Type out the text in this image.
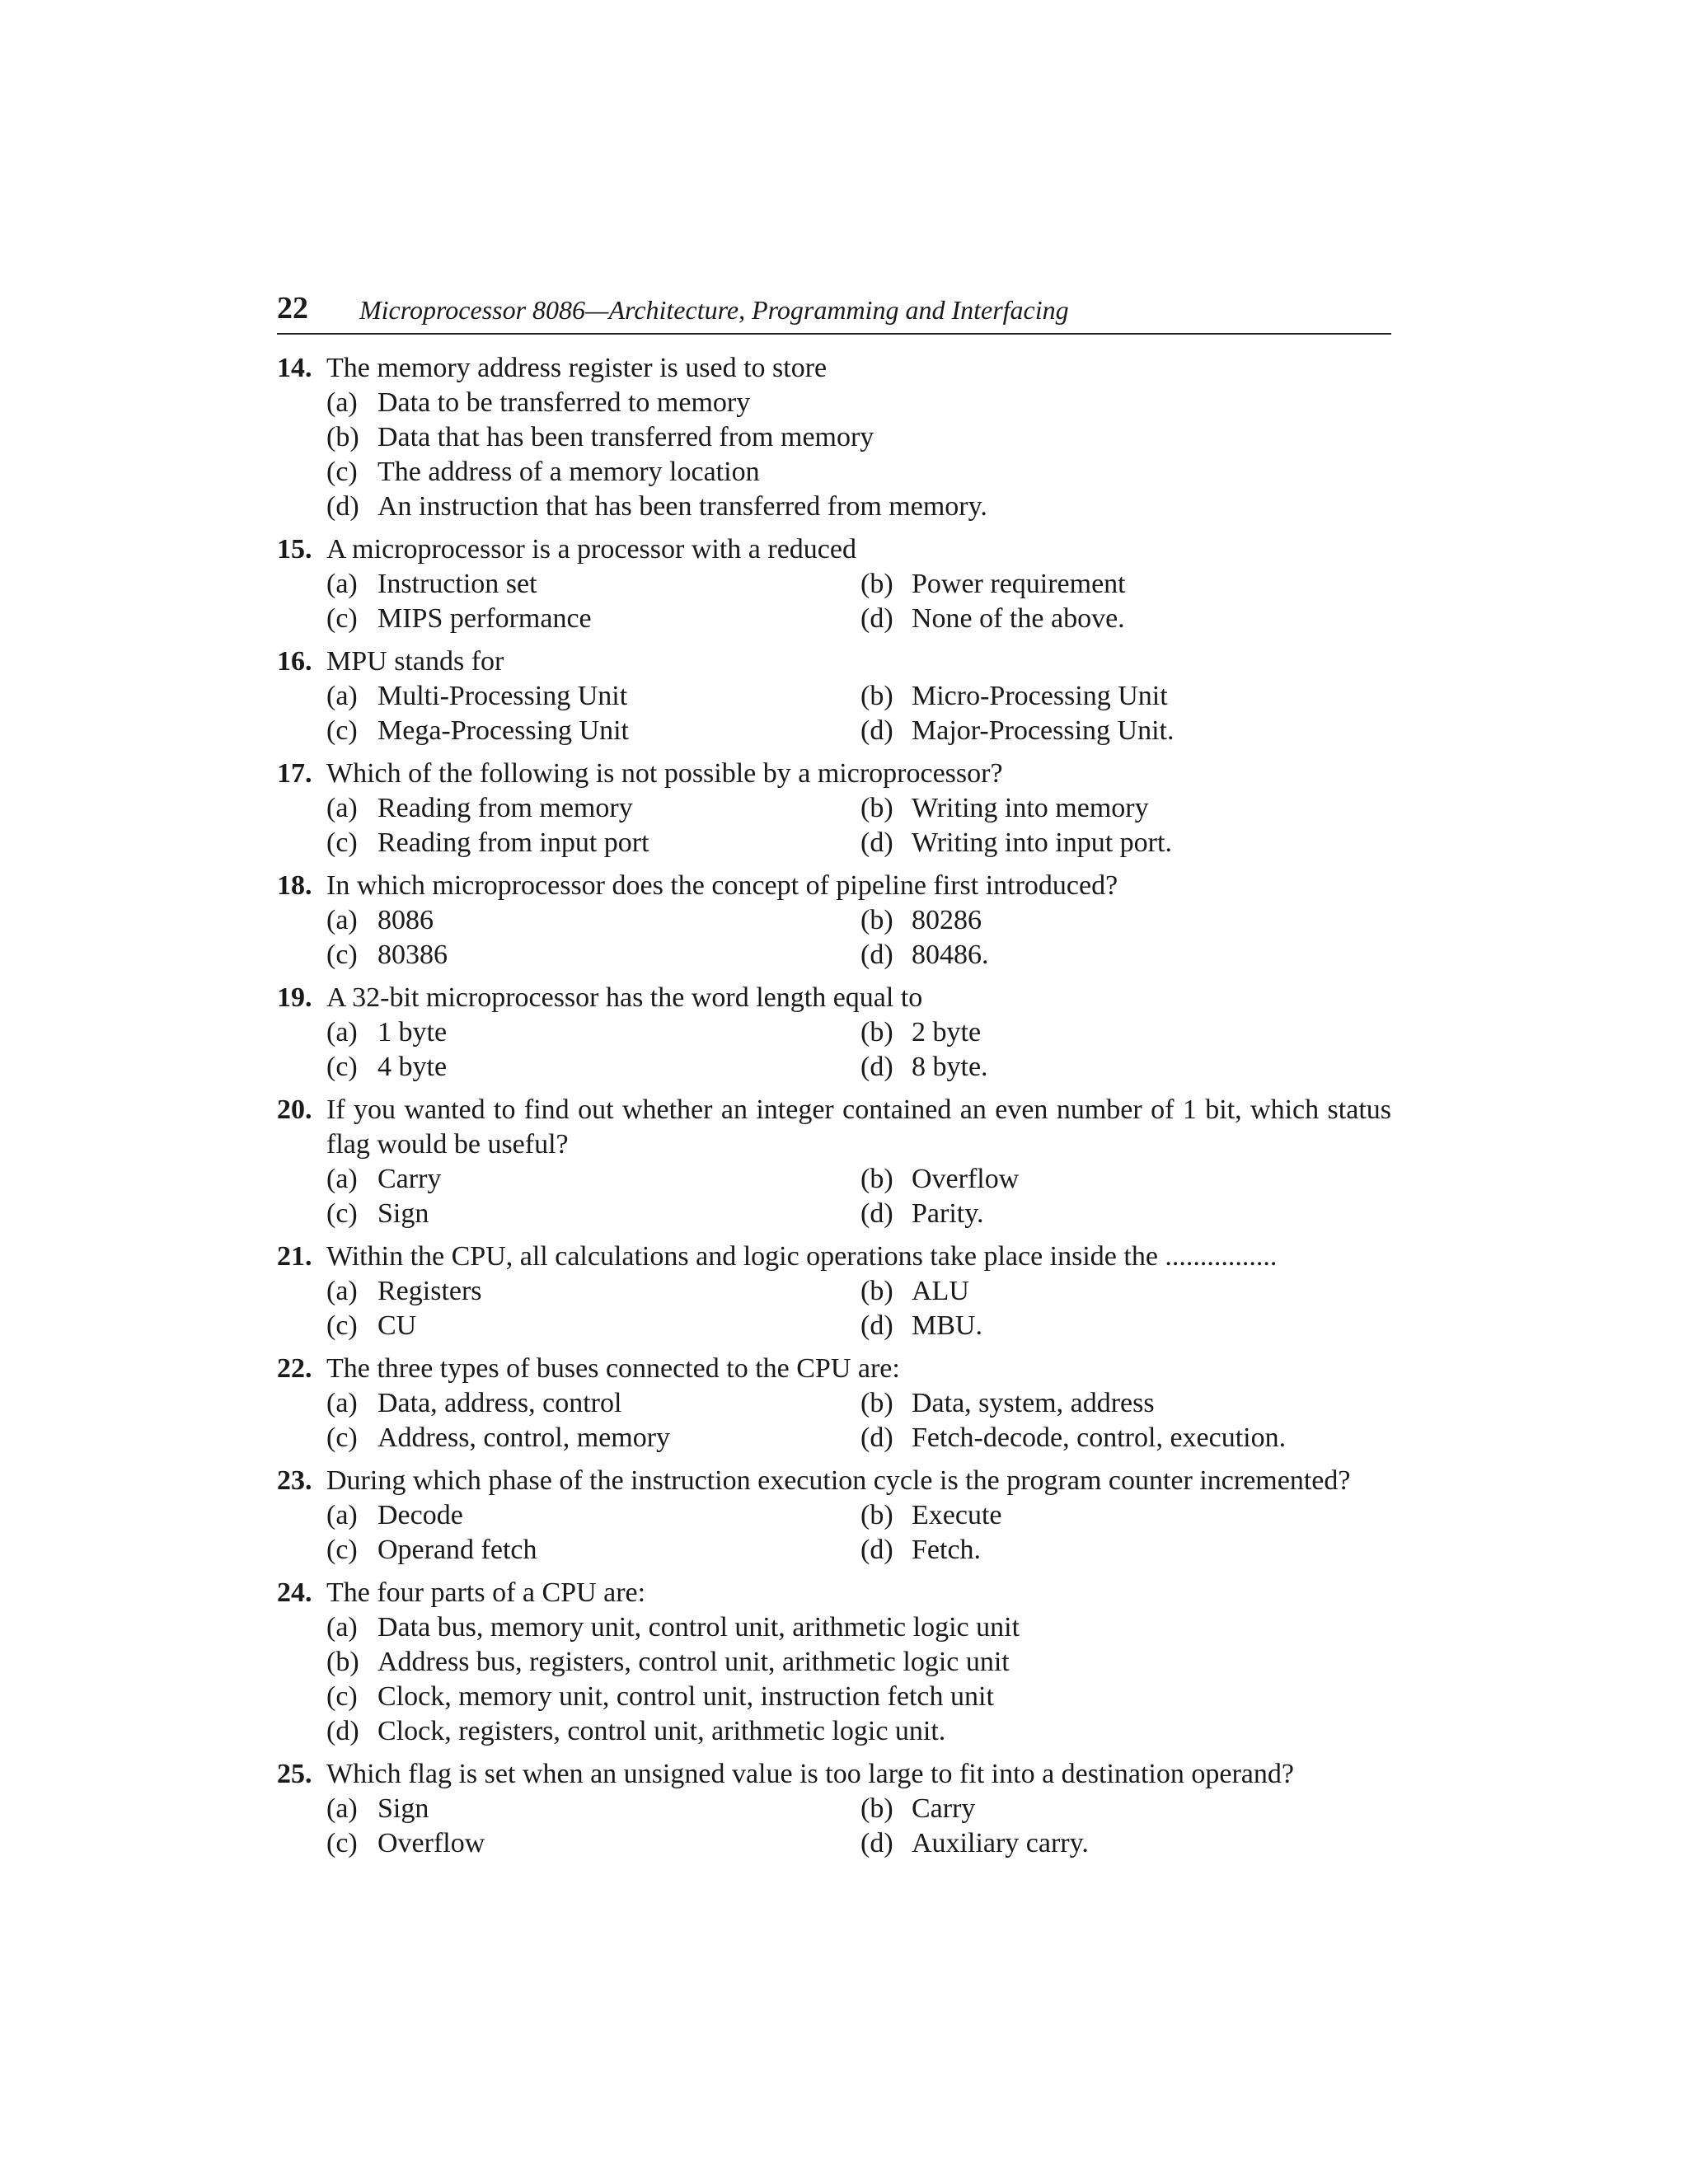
22 Microprocessor 8086—Architecture, Programming and Interfacing
14. The memory address register is used to store
(a) Data to be transferred to memory
(b) Data that has been transferred from memory
(c) The address of a memory location
(d) An instruction that has been transferred from memory.
15. A microprocessor is a processor with a reduced
(a) Instruction set	(b) Power requirement
(c) MIPS performance	(d) None of the above.
16. MPU stands for
(a) Multi-Processing Unit	(b) Micro-Processing Unit
(c) Mega-Processing Unit	(d) Major-Processing Unit.
17. Which of the following is not possible by a microprocessor?
(a) Reading from memory	(b) Writing into memory
(c) Reading from input port	(d) Writing into input port.
18. In which microprocessor does the concept of pipeline first introduced?
(a) 8086	(b) 80286
(c) 80386	(d) 80486.
19. A 32-bit microprocessor has the word length equal to
(a) 1 byte	(b) 2 byte
(c) 4 byte	(d) 8 byte.
20. If you wanted to find out whether an integer contained an even number of 1 bit, which status flag would be useful?
(a) Carry	(b) Overflow
(c) Sign	(d) Parity.
21. Within the CPU, all calculations and logic operations take place inside the ................
(a) Registers	(b) ALU
(c) CU	(d) MBU.
22. The three types of buses connected to the CPU are:
(a) Data, address, control	(b) Data, system, address
(c) Address, control, memory	(d) Fetch-decode, control, execution.
23. During which phase of the instruction execution cycle is the program counter incremented?
(a) Decode	(b) Execute
(c) Operand fetch	(d) Fetch.
24. The four parts of a CPU are:
(a) Data bus, memory unit, control unit, arithmetic logic unit
(b) Address bus, registers, control unit, arithmetic logic unit
(c) Clock, memory unit, control unit, instruction fetch unit
(d) Clock, registers, control unit, arithmetic logic unit.
25. Which flag is set when an unsigned value is too large to fit into a destination operand?
(a) Sign	(b) Carry
(c) Overflow	(d) Auxiliary carry.
